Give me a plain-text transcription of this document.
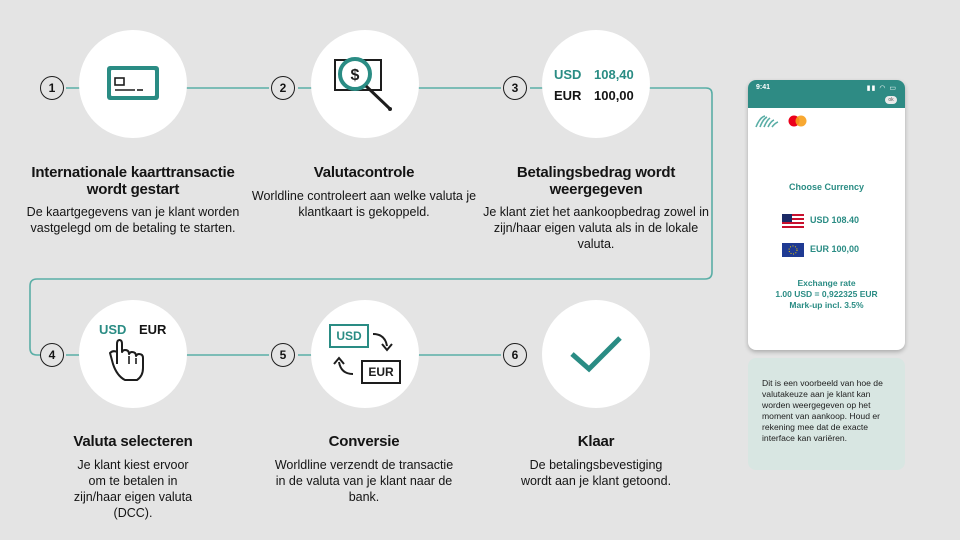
1	2	3
$	USD 108,40
EUR 100,00
Internationale kaarttransactie wordt gestart
De kaartgegevens van je klant worden vastgelegd om de betaling te starten.
Valutacontrole
Worldline controleert aan welke valuta je klantkaart is gekoppeld.
Betalingsbedrag wordt weergegeven
Je klant ziet het aankoopbedrag zowel in zijn/haar eigen valuta als in de lokale valuta.
4	5	6
USD EUR	USD
EUR
Valuta selecteren
Je klant kiest ervoor om te betalen in zijn/haar eigen valuta (DCC).
Conversie
Worldline verzendt de transactie in de valuta van je klant naar de bank.
Klaar
De betalingsbevestiging wordt aan je klant getoond.
9:41	▮▮ ◠ ▭
ok
Choose Currency
USD 108.40
EUR 100,00
Exchange rate
1.00 USD = 0,922325 EUR
Mark-up incl. 3.5%
Dit is een voorbeeld van hoe de valutakeuze aan je klant kan worden weergegeven op het moment van aankoop. Houd er rekening mee dat de exacte interface kan variëren.
